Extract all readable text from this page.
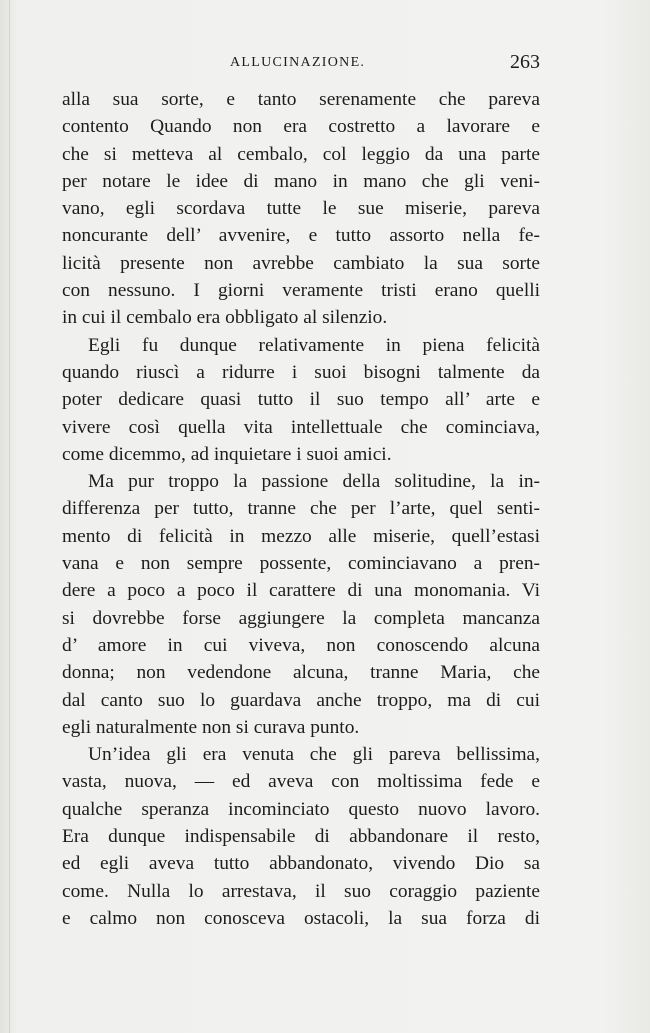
ALLUCINAZIONE.	263
alla sua sorte, e tanto serenamente che pareva
contento Quando non era costretto a lavorare e
che si metteva al cembalo, col leggio da una parte
per notare le idee di mano in mano che gli veni-
vano, egli scordava tutte le sue miserie, pareva
noncurante dell’ avvenire, e tutto assorto nella fe-
licità presente non avrebbe cambiato la sua sorte
con nessuno. I giorni veramente tristi erano quelli
in cui il cembalo era obbligato al silenzio.
Egli fu dunque relativamente in piena felicità
quando riuscì a ridurre i suoi bisogni talmente da
poter dedicare quasi tutto il suo tempo all’ arte e
vivere così quella vita intellettuale che cominciava,
come dicemmo, ad inquietare i suoi amici.
Ma pur troppo la passione della solitudine, la in-
differenza per tutto, tranne che per l’arte, quel senti-
mento di felicità in mezzo alle miserie, quell’estasi
vana e non sempre possente, cominciavano a pren-
dere a poco a poco il carattere di una monomania. Vi
si dovrebbe forse aggiungere la completa mancanza
d’ amore in cui viveva, non conoscendo alcuna
donna; non vedendone alcuna, tranne Maria, che
dal canto suo lo guardava anche troppo, ma di cui
egli naturalmente non si curava punto.
Un’idea gli era venuta che gli pareva bellissima,
vasta, nuova, — ed aveva con moltissima fede e
qualche speranza incominciato questo nuovo lavoro.
Era dunque indispensabile di abbandonare il resto,
ed egli aveva tutto abbandonato, vivendo Dio sa
come. Nulla lo arrestava, il suo coraggio paziente
e calmo non conosceva ostacoli, la sua forza di
